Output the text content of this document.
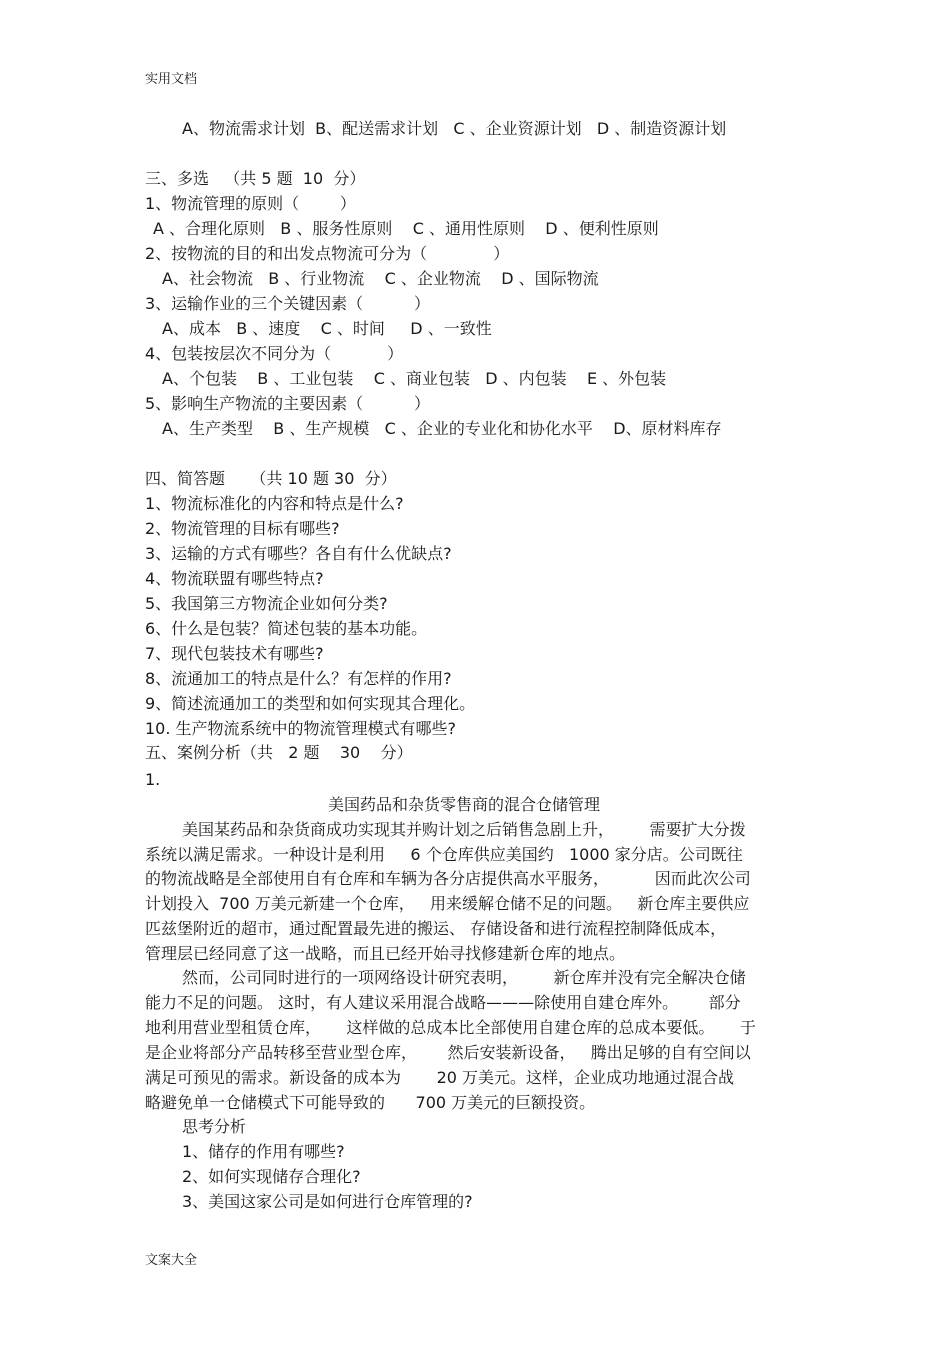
实用文档
A、物流需求计划  B、配送需求计划   C 、企业资源计划   D 、制造资源计划
三、多选   （共 5 题  10  分）
1、物流管理的原则（        ）
A 、合理化原则   B 、服务性原则    C 、通用性原则    D 、便利性原则
2、按物流的目的和出发点物流可分为（             ）
A、社会物流   B 、行业物流    C 、企业物流    D 、国际物流
3、运输作业的三个关键因素（          ）
A、成本   B 、速度    C 、时间     D 、一致性
4、包装按层次不同分为（           ）
A、个包装    B 、工业包装    C 、商业包装   D 、内包装    E 、外包装
5、影响生产物流的主要因素（          ）
A、生产类型    B 、生产规模   C 、企业的专业化和协化水平    D、原材料库存
四、简答题     （共 10 题 30  分）
1、物流标准化的内容和特点是什么?
2、物流管理的目标有哪些?
3、运输的方式有哪些？各自有什么优缺点?
4、物流联盟有哪些特点?
5、我国第三方物流企业如何分类?
6、什么是包装？简述包装的基本功能。
7、现代包装技术有哪些?
8、流通加工的特点是什么？有怎样的作用?
9、简述流通加工的类型和如何实现其合理化。
10. 生产物流系统中的物流管理模式有哪些?
五、案例分析（共   2 题    30    分）
1.
美国药品和杂货零售商的混合仓储管理
美国某药品和杂货商成功实现其并购计划之后销售急剧上升，       需要扩大分拨
系统以满足需求。一种设计是利用     6 个仓库供应美国约   1000 家分店。公司既往
的物流战略是全部使用自有仓库和车辆为各分店提供高水平服务，         因而此次公司
计划投入  700 万美元新建一个仓库，   用来缓解仓储不足的问题。   新仓库主要供应
匹兹堡附近的超市，通过配置最先进的搬运、 存储设备和进行流程控制降低成本，
管理层已经同意了这一战略，而且已经开始寻找修建新仓库的地点。
然而，公司同时进行的一项网络设计研究表明，       新仓库并没有完全解决仓储
能力不足的问题。 这时，有人建议采用混合战略———除使用自建仓库外。      部分
地利用营业型租赁仓库，     这样做的总成本比全部使用自建仓库的总成本要低。     于
是企业将部分产品转移至营业型仓库，      然后安装新设备，   腾出足够的自有空间以
满足可预见的需求。新设备的成本为       20 万美元。这样，企业成功地通过混合战
略避免单一仓储模式下可能导致的      700 万美元的巨额投资。
思考分析
1、储存的作用有哪些?
2、如何实现储存合理化?
3、美国这家公司是如何进行仓库管理的?
文案大全
